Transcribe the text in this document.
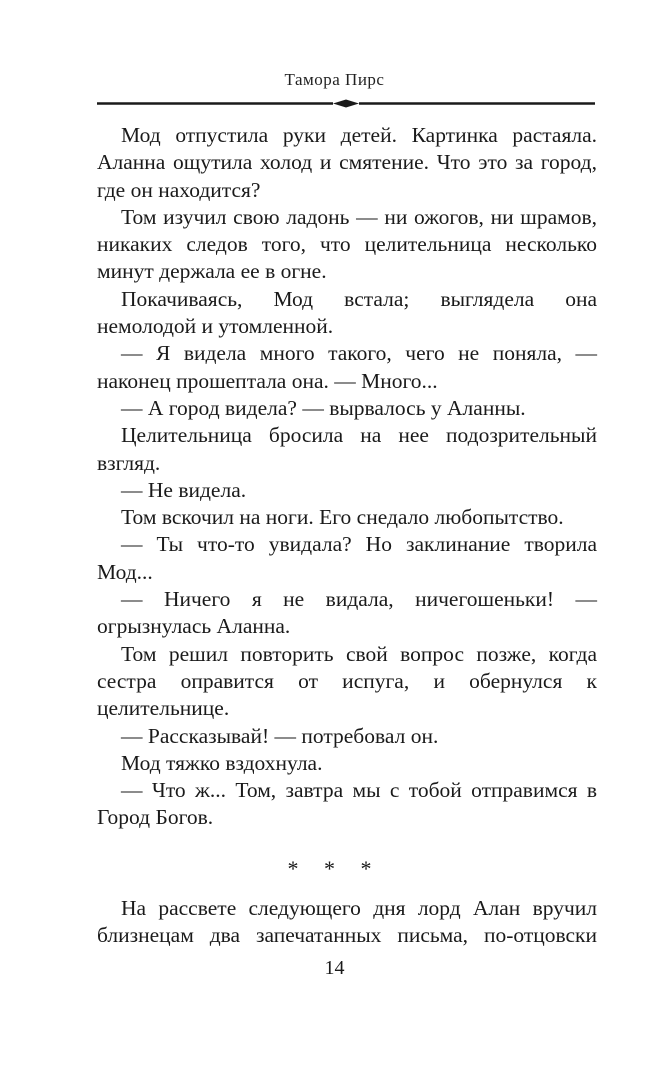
Тамора Пирс

Мод отпустила руки детей. Картинка растаяла. Аланна ощутила холод и смятение. Что это за город, где он находится?

Том изучил свою ладонь — ни ожогов, ни шрамов, никаких следов того, что целительница несколько минут держала ее в огне.

Покачиваясь, Мод встала; выглядела она немолодой и утомленной.

— Я видела много такого, чего не поняла, — наконец прошептала она. — Много...

— А город видела? — вырвалось у Аланны.

Целительница бросила на нее подозрительный взгляд.

— Не видела.

Том вскочил на ноги. Его снедало любопытство.

— Ты что-то увидала? Но заклинание творила Мод...

— Ничего я не видала, ничегошеньки! — огрызнулась Аланна.

Том решил повторить свой вопрос позже, когда сестра оправится от испуга, и обернулся к целительнице.

— Рассказывай! — потребовал он.

Мод тяжко вздохнула.

— Что ж... Том, завтра мы с тобой отправимся в Город Богов.

* * *

На рассвете следующего дня лорд Алан вручил близнецам два запечатанных письма, по-отцовски

14
